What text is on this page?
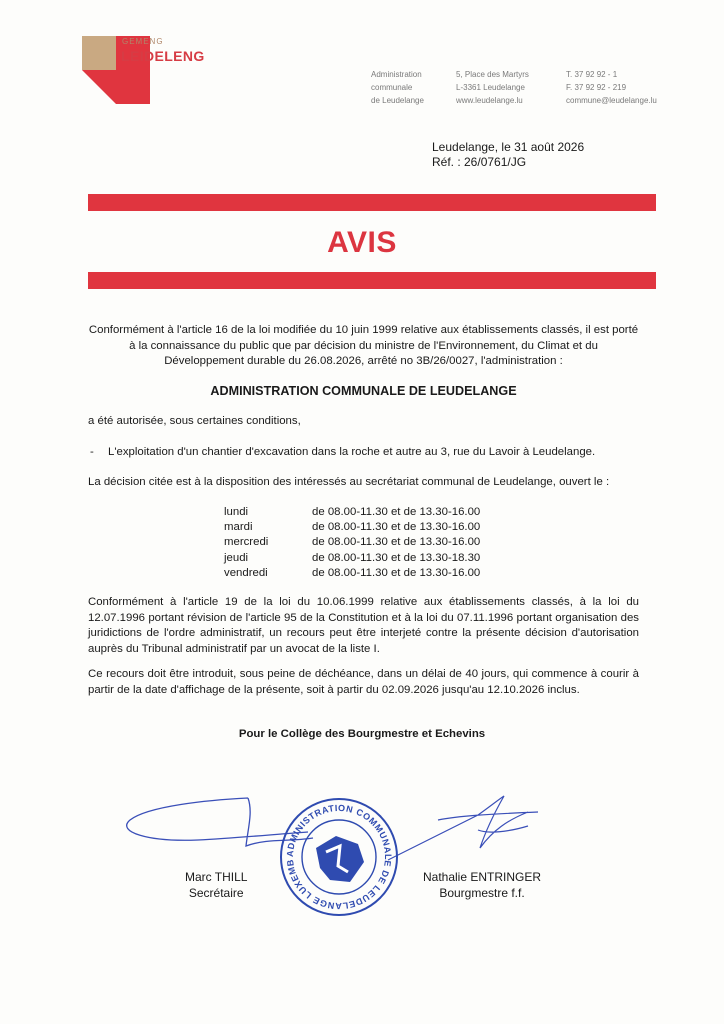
GEMENG
LEIDELENG
Administration
communale
de Leudelange
5, Place des Martyrs
L-3361 Leudelange
www.leudelange.lu
T. 37 92 92 - 1
F. 37 92 92 - 219
commune@leudelange.lu
Leudelange, le 31 août 2026
Réf. : 26/0761/JG
AVIS
Conformément à l'article 16 de la loi modifiée du 10 juin 1999 relative aux établissements classés, il est porté à la connaissance du public que par décision du ministre de l'Environnement, du Climat et du Développement durable du 26.08.2026, arrêté no 3B/26/0027, l'administration :
ADMINISTRATION COMMUNALE DE LEUDELANGE
a été autorisée, sous certaines conditions,
- L'exploitation d'un chantier d'excavation dans la roche et autre au 3, rue du Lavoir à Leudelange.
La décision citée est à la disposition des intéressés au secrétariat communal de Leudelange, ouvert le :
lundi	de 08.00-11.30 et de 13.30-16.00
mardi	de 08.00-11.30 et de 13.30-16.00
mercredi	de 08.00-11.30 et de 13.30-16.00
jeudi	de 08.00-11.30 et de 13.30-18.30
vendredi	de 08.00-11.30 et de 13.30-16.00
Conformément à l'article 19 de la loi du 10.06.1999 relative aux établissements classés, à la loi du 12.07.1996 portant révision de l'article 95 de la Constitution et à la loi du 07.11.1996 portant organisation des juridictions de l'ordre administratif, un recours peut être interjeté contre la présente décision d'autorisation auprès du Tribunal administratif par un avocat de la liste I.
Ce recours doit être introduit, sous peine de déchéance, dans un délai de 40 jours, qui commence à courir à partir de la date d'affichage de la présente, soit à partir du 02.09.2026 jusqu'au 12.10.2026 inclus.
Pour le Collège des Bourgmestre et Echevins
ADMINISTRATION COMMUNALE DE LEUDELANGE LUXEMBOURG
Marc THILL
Secrétaire
Nathalie ENTRINGER
Bourgmestre f.f.
